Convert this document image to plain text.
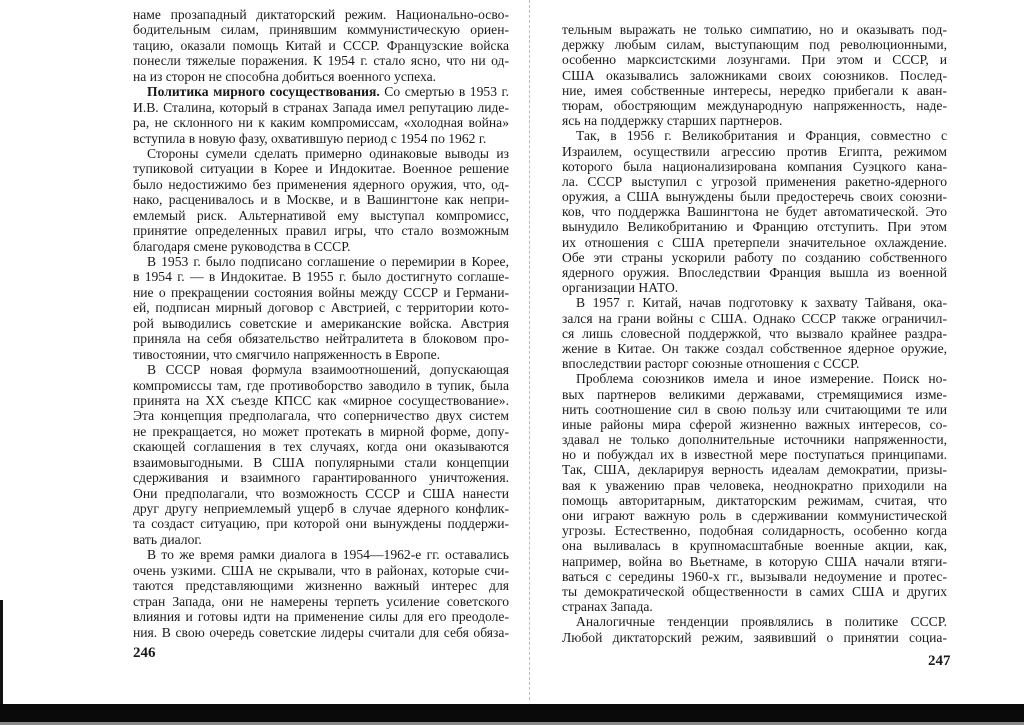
наме прозападный диктаторский режим. Национально-осво-
бодительным силам, принявшим коммунистическую ориен-
тацию, оказали помощь Китай и СССР. Французские войска
понесли тяжелые поражения. К 1954 г. стало ясно, что ни од-
на из сторон не способна добиться военного успеха.
Политика мирного сосуществования. Со смертью в 1953 г.
И.В. Сталина, который в странах Запада имел репутацию лиде-
ра, не склонного ни к каким компромиссам, «холодная война»
вступила в новую фазу, охватившую период с 1954 по 1962 г.
Стороны сумели сделать примерно одинаковые выводы из
тупиковой ситуации в Корее и Индокитае. Военное решение
было недостижимо без применения ядерного оружия, что, од-
нако, расценивалось и в Москве, и в Вашингтоне как непри-
емлемый риск. Альтернативой ему выступал компромисс,
принятие определенных правил игры, что стало возможным
благодаря смене руководства в СССР.
В 1953 г. было подписано соглашение о перемирии в Корее,
в 1954 г. — в Индокитае. В 1955 г. было достигнуто соглаше-
ние о прекращении состояния войны между СССР и Германи-
ей, подписан мирный договор с Австрией, с территории кото-
рой выводились советские и американские войска. Австрия
приняла на себя обязательство нейтралитета в блоковом про-
тивостоянии, что смягчило напряженность в Европе.
В СССР новая формула взаимоотношений, допускающая
компромиссы там, где противоборство заводило в тупик, была
принята на XX съезде КПСС как «мирное сосуществование».
Эта концепция предполагала, что соперничество двух систем
не прекращается, но может протекать в мирной форме, допу-
скающей соглашения в тех случаях, когда они оказываются
взаимовыгодными. В США популярными стали концепции
сдерживания и взаимного гарантированного уничтожения.
Они предполагали, что возможность СССР и США нанести
друг другу неприемлемый ущерб в случае ядерного конфлик-
та создаст ситуацию, при которой они вынуждены поддержи-
вать диалог.
В то же время рамки диалога в 1954—1962-е гг. оставались
очень узкими. США не скрывали, что в районах, которые счи-
таются представляющими жизненно важный интерес для
стран Запада, они не намерены терпеть усиление советского
влияния и готовы идти на применение силы для его преодоле-
ния. В свою очередь советские лидеры считали для себя обяза-
246
тельным выражать не только симпатию, но и оказывать под-
держку любым силам, выступающим под революционными,
особенно марксистскими лозунгами. При этом и СССР, и
США оказывались заложниками своих союзников. Послед-
ние, имея собственные интересы, нередко прибегали к аван-
тюрам, обостряющим международную напряженность, наде-
ясь на поддержку старших партнеров.
Так, в 1956 г. Великобритания и Франция, совместно с
Израилем, осуществили агрессию против Египта, режимом
которого была национализирована компания Суэцкого кана-
ла. СССР выступил с угрозой применения ракетно-ядерного
оружия, а США вынуждены были предостеречь своих союзни-
ков, что поддержка Вашингтона не будет автоматической. Это
вынудило Великобританию и Францию отступить. При этом
их отношения с США претерпели значительное охлаждение.
Обе эти страны ускорили работу по созданию собственного
ядерного оружия. Впоследствии Франция вышла из военной
организации НАТО.
В 1957 г. Китай, начав подготовку к захвату Тайваня, ока-
зался на грани войны с США. Однако СССР также ограничил-
ся лишь словесной поддержкой, что вызвало крайнее раздра-
жение в Китае. Он также создал собственное ядерное оружие,
впоследствии расторг союзные отношения с СССР.
Проблема союзников имела и иное измерение. Поиск но-
вых партнеров великими державами, стремящимися изме-
нить соотношение сил в свою пользу или считающими те или
иные районы мира сферой жизненно важных интересов, со-
здавал не только дополнительные источники напряженности,
но и побуждал их в известной мере поступаться принципами.
Так, США, декларируя верность идеалам демократии, призы-
вая к уважению прав человека, неоднократно приходили на
помощь авторитарным, диктаторским режимам, считая, что
они играют важную роль в сдерживании коммунистической
угрозы. Естественно, подобная солидарность, особенно когда
она выливалась в крупномасштабные военные акции, как,
например, война во Вьетнаме, в которую США начали втяги-
ваться с середины 1960-х гг., вызывали недоумение и протес-
ты демократической общественности в самих США и других
странах Запада.
Аналогичные тенденции проявлялись в политике СССР.
Любой диктаторский режим, заявивший о принятии социа-
247
